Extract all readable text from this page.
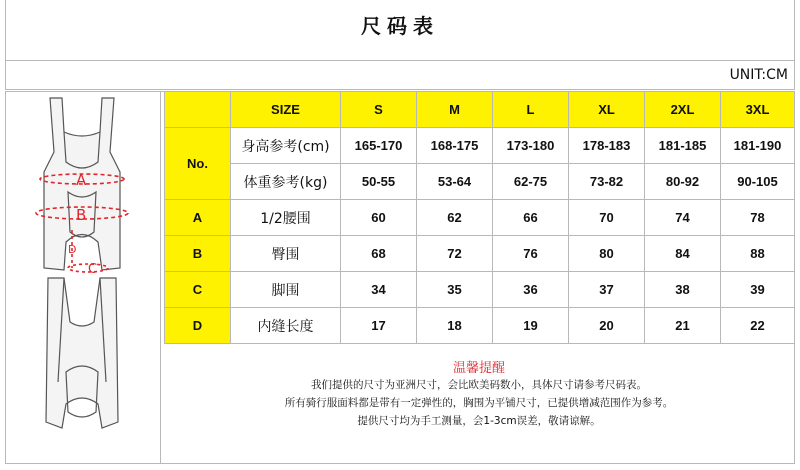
尺码表
UNIT:CM
A
B
D
C
	SIZE	S	M	L	XL	2XL	3XL
No.	身高参考(cm)	165-170	168-175	173-180	178-183	181-185	181-190
	体重参考(kg)	50-55	53-64	62-75	73-82	80-92	90-105
A	1/2腰围	60	62	66	70	74	78
B	臀围	68	72	76	80	84	88
C	脚围	34	35	36	37	38	39
D	内缝长度	17	18	19	20	21	22
温馨提醒
我们提供的尺寸为亚洲尺寸，会比欧美码数小，具体尺寸请参考尺码表。
所有骑行服面料都是带有一定弹性的，胸围为平铺尺寸，已提供增减范围作为参考。
提供尺寸均为手工测量，会1-3cm误差，敬请谅解。
